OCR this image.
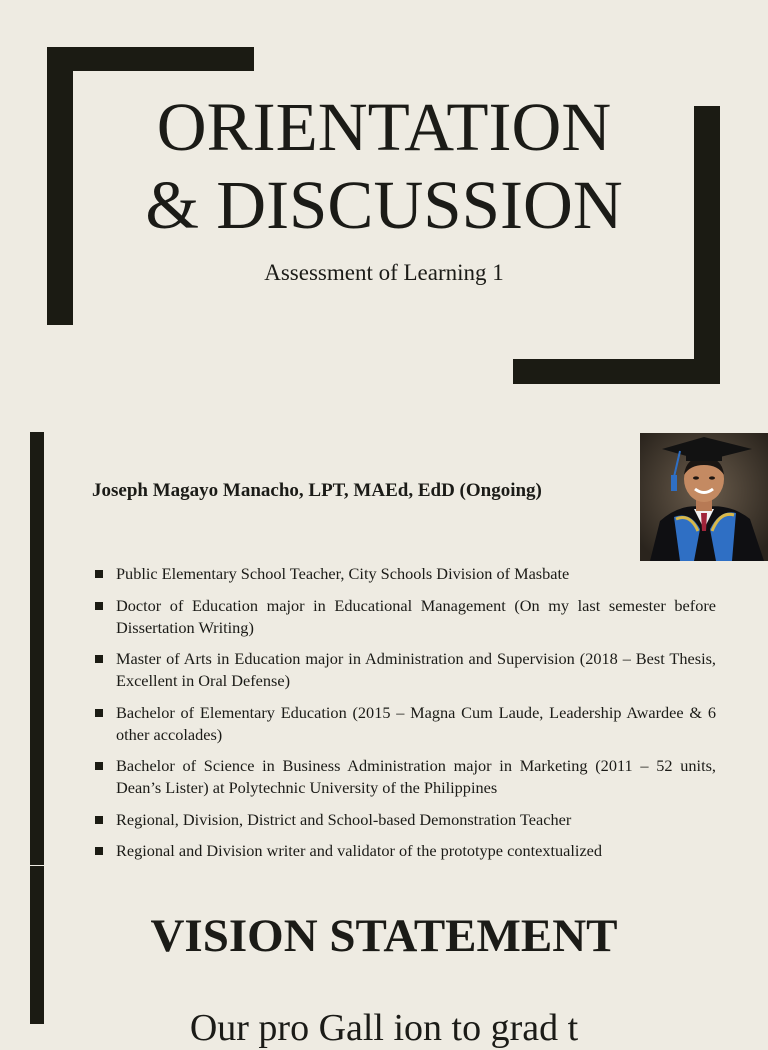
ORIENTATION
& DISCUSSION
Assessment of Learning 1
Joseph Magayo Manacho, LPT, MAEd, EdD (Ongoing)
Public Elementary School Teacher, City Schools Division of Masbate
Doctor of Education major in Educational Management (On my last semester before Dissertation Writing)
Master of Arts in Education major in Administration and Supervision (2018 – Best Thesis, Excellent in Oral Defense)
Bachelor of Elementary Education (2015 – Magna Cum Laude, Leadership Awardee & 6 other accolades)
Bachelor of Science in Business Administration major in Marketing (2011 – 52 units, Dean’s Lister) at Polytechnic University of the Philippines
Regional, Division, District and School-based Demonstration Teacher
Regional and Division writer and validator of the prototype contextualized
VISION STATEMENT
Our pro Gall ion to grad t
